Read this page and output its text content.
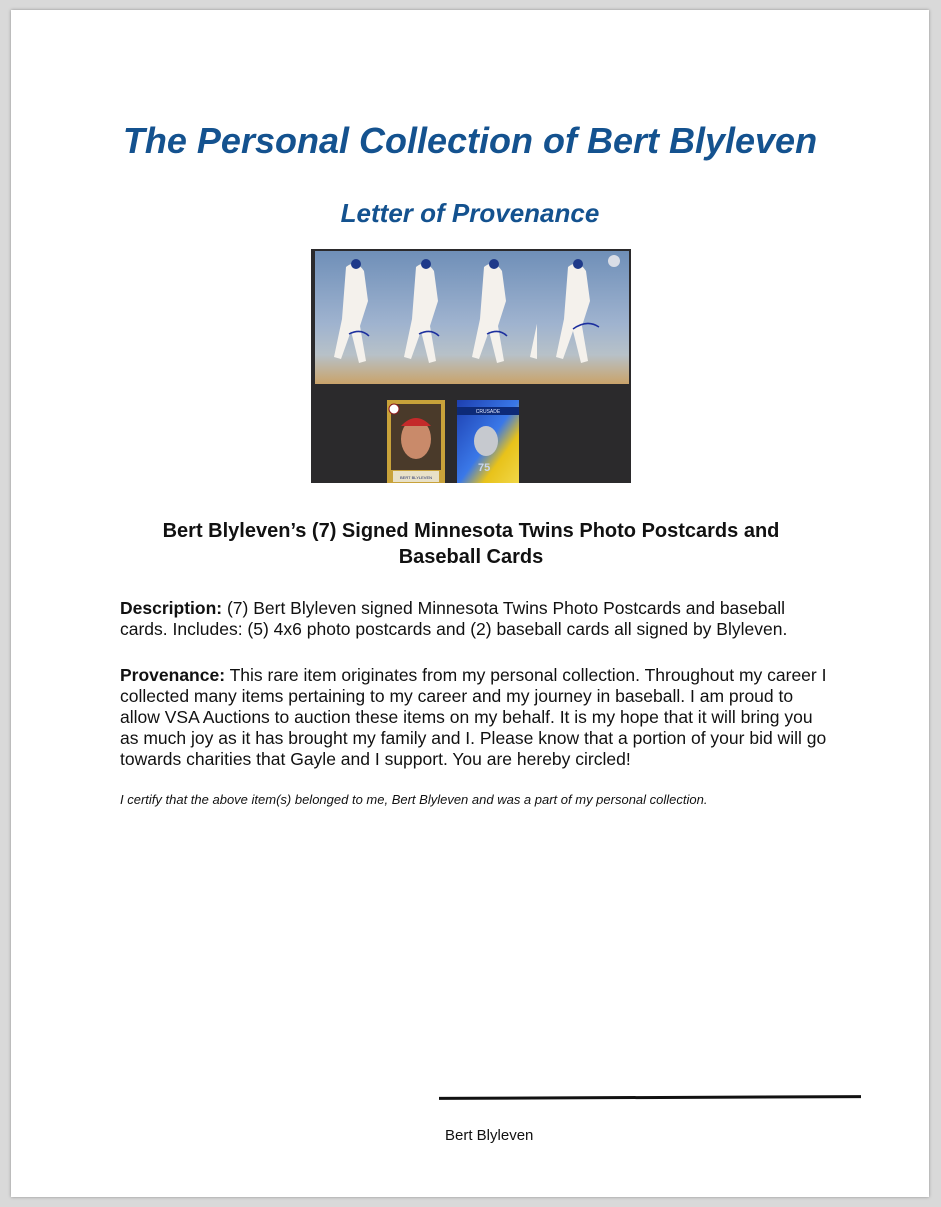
The Personal Collection of Bert Blyleven
Letter of Provenance
BERT BLYLEVEN
CRUSADE
75
Bert Blyleven’s (7) Signed Minnesota Twins Photo Postcards and Baseball Cards

Description: (7) Bert Blyleven signed Minnesota Twins Photo Postcards and baseball cards. Includes: (5) 4x6 photo postcards and (2) baseball cards all signed by Blyleven.

Provenance: This rare item originates from my personal collection. Throughout my career I collected many items pertaining to my career and my journey in baseball. I am proud to allow VSA Auctions to auction these items on my behalf. It is my hope that it will bring you as much joy as it has brought my family and I. Please know that a portion of your bid will go towards charities that Gayle and I support. You are hereby circled!

I certify that the above item(s) belonged to me, Bert Blyleven and was a part of my personal collection.

Bert Blyleven
